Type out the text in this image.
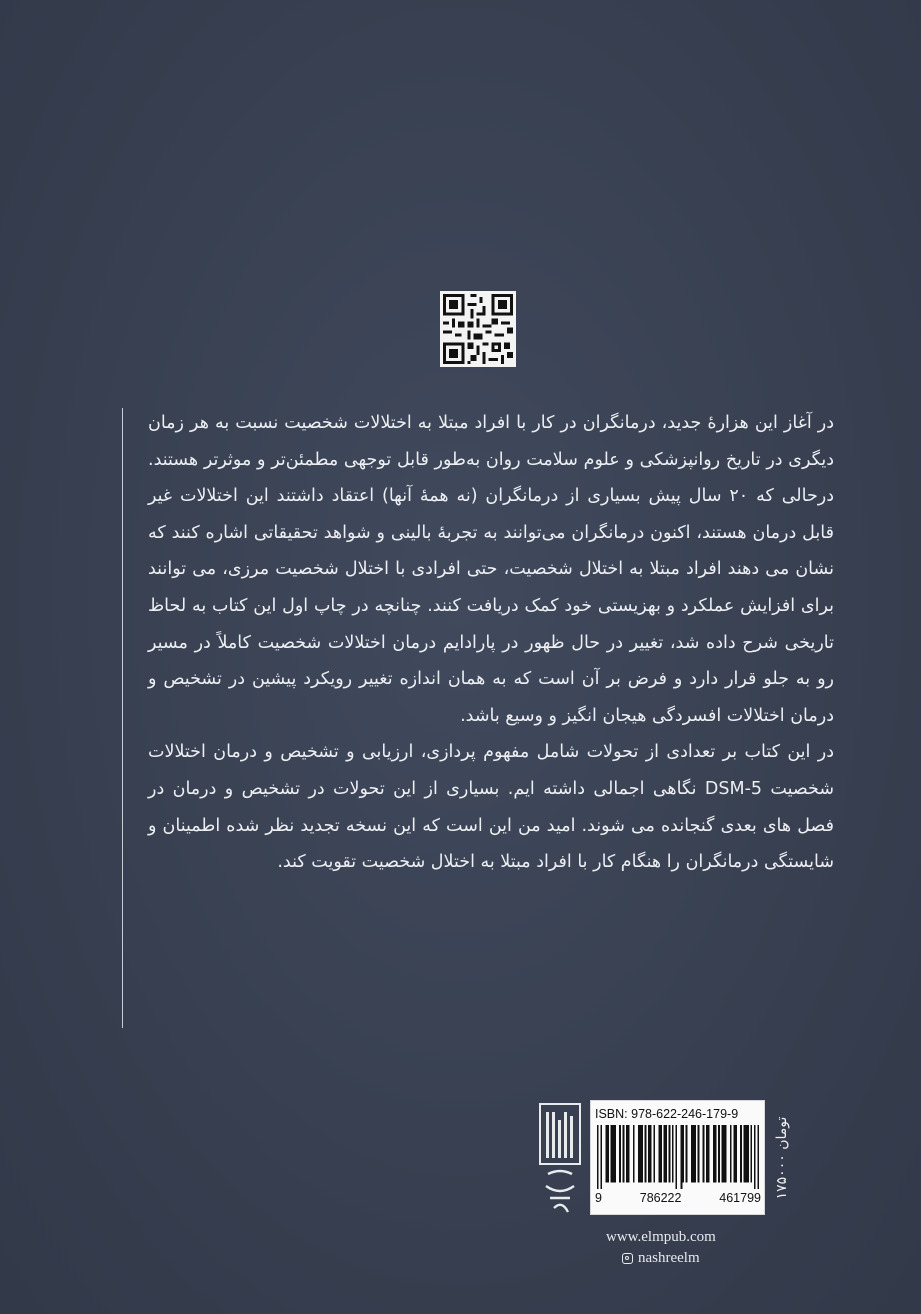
در آغاز این هزارهٔ جدید، درمانگران در کار با افراد مبتلا به اختلالات شخصیت نسبت به هر زمان دیگری در تاریخ روانپزشکی و علوم سلامت روان به‌طور قابل توجهی مطمئن‌تر و موثرتر هستند. درحالی که ۲۰ سال پیش بسیاری از درمانگران (نه همهٔ آنها) اعتقاد داشتند این اختلالات غیر قابل درمان هستند، اکنون درمانگران می‌توانند به تجربهٔ بالینی و شواهد تحقیقاتی اشاره کنند که نشان می دهند افراد مبتلا به اختلال شخصیت، حتی افرادی با اختلال شخصیت مرزی، می توانند برای افزایش عملکرد و بهزیستی خود کمک دریافت کنند. چنانچه در چاپ اول این کتاب به لحاظ تاریخی شرح داده شد، تغییر در حال ظهور در پارادایم درمان اختلالات شخصیت کاملاً در مسیر رو به جلو قرار دارد و فرض بر آن است که به همان اندازه تغییر رویکرد پیشین در تشخیص و درمان اختلالات افسردگی هیجان انگیز و وسیع باشد.

در این کتاب بر تعدادی از تحولات شامل مفهوم پردازی، ارزیابی و تشخیص و درمان اختلالات شخصیت DSM-5 نگاهی اجمالی داشته ایم. بسیاری از این تحولات در تشخیص و درمان در فصل های بعدی گنجانده می شوند. امید من این است که این نسخه تجدید نظر شده اطمینان و شایستگی درمانگران را هنگام کار با افراد مبتلا به اختلال شخصیت تقویت کند.

ISBN: 978-622-246-179-9
9	786222	461799 ۱۷۵۰۰۰ تومان
www.elmpub.com
nashreelm
